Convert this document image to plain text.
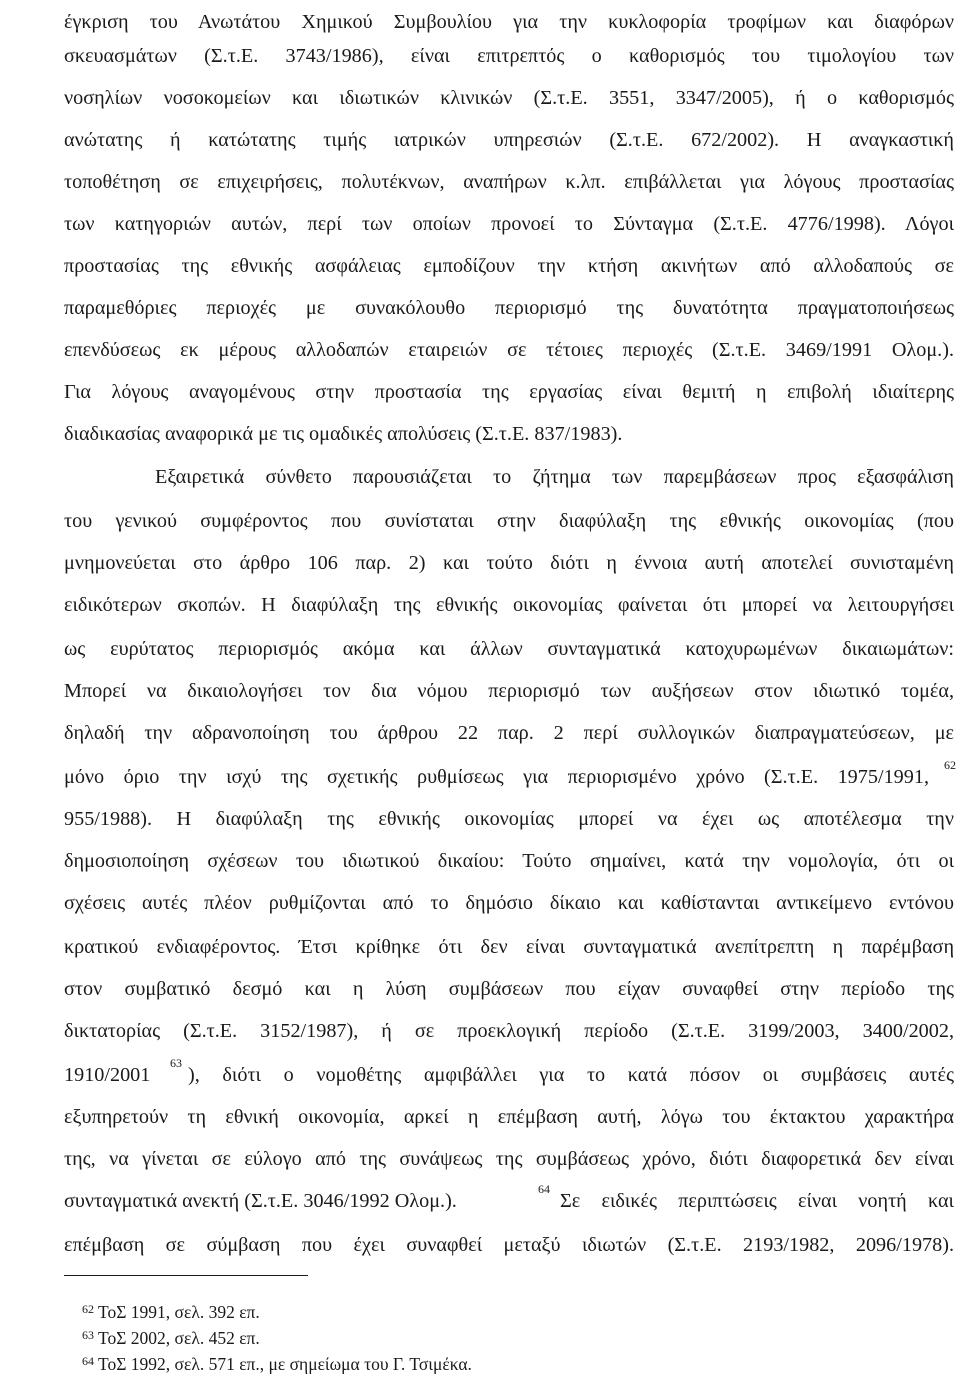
έγκριση του Ανωτάτου Χημικού Συμβουλίου για την κυκλοφορία τροφίμων και διαφόρων
σκευασμάτων (Σ.τ.Ε. 3743/1986), είναι επιτρεπτός ο καθορισμός του τιμολογίου των
νοσηλίων νοσοκομείων και ιδιωτικών κλινικών (Σ.τ.Ε. 3551, 3347/2005), ή ο καθορισμός
ανώτατης ή κατώτατης τιμής ιατρικών υπηρεσιών (Σ.τ.Ε. 672/2002). Η αναγκαστική
τοποθέτηση σε επιχειρήσεις, πολυτέκνων, αναπήρων κ.λπ. επιβάλλεται για λόγους προστασίας
των κατηγοριών αυτών, περί των οποίων προνοεί το Σύνταγμα (Σ.τ.Ε. 4776/1998). Λόγοι
προστασίας της εθνικής ασφάλειας εμποδίζουν την κτήση ακινήτων από αλλοδαπούς σε
παραμεθόριες περιοχές με συνακόλουθο περιορισμό της δυνατότητα πραγματοποιήσεως
επενδύσεως εκ μέρους αλλοδαπών εταιρειών σε τέτοιες περιοχές (Σ.τ.Ε. 3469/1991 Ολομ.).
Για λόγους αναγομένους στην προστασία της εργασίας είναι θεμιτή η επιβολή ιδιαίτερης
διαδικασίας αναφορικά με τις ομαδικές απολύσεις (Σ.τ.Ε. 837/1983).
Εξαιρετικά σύνθετο παρουσιάζεται το ζήτημα των παρεμβάσεων προς εξασφάλιση
του γενικού συμφέροντος που συνίσταται στην διαφύλαξη της εθνικής οικονομίας (που
μνημονεύεται στο άρθρο 106 παρ. 2) και τούτο διότι η έννοια αυτή αποτελεί συνισταμένη
ειδικότερων σκοπών. Η διαφύλαξη της εθνικής οικονομίας φαίνεται ότι μπορεί να λειτουργήσει
ως ευρύτατος περιορισμός ακόμα και άλλων συνταγματικά κατοχυρωμένων δικαιωμάτων:
Μπορεί να δικαιολογήσει τον δια νόμου περιορισμό των αυξήσεων στον ιδιωτικό τομέα,
δηλαδή την αδρανοποίηση του άρθρου 22 παρ. 2 περί συλλογικών διαπραγματεύσεων, με
μόνο όριο την ισχύ της σχετικής ρυθμίσεως για περιορισμένο χρόνο (Σ.τ.Ε. 1975/1991,
62
955/1988). Η διαφύλαξη της εθνικής οικονομίας μπορεί να έχει ως αποτέλεσμα την
δημοσιοποίηση σχέσεων του ιδιωτικού δικαίου: Τούτο σημαίνει, κατά την νομολογία, ότι οι
σχέσεις αυτές πλέον ρυθμίζονται από το δημόσιο δίκαιο και καθίστανται αντικείμενο εντόνου
κρατικού ενδιαφέροντος. Έτσι κρίθηκε ότι δεν είναι συνταγματικά ανεπίτρεπτη η παρέμβαση
στον συμβατικό δεσμό και η λύση συμβάσεων που είχαν συναφθεί στην περίοδο της
δικτατορίας (Σ.τ.Ε. 3152/1987), ή σε προεκλογική περίοδο (Σ.τ.Ε. 3199/2003, 3400/2002,
1910/2001
63
), διότι ο νομοθέτης αμφιβάλλει για το κατά πόσον οι συμβάσεις αυτές
εξυπηρετούν τη εθνική οικονομία, αρκεί η επέμβαση αυτή, λόγω του έκτακτου χαρακτήρα
της, να γίνεται σε εύλογο από της συνάψεως της συμβάσεως χρόνο, διότι διαφορετικά δεν είναι
συνταγματικά ανεκτή (Σ.τ.Ε. 3046/1992 Ολομ.).
64
Σε ειδικές περιπτώσεις είναι νοητή και
επέμβαση σε σύμβαση που έχει συναφθεί μεταξύ ιδιωτών (Σ.τ.Ε. 2193/1982, 2096/1978).
$^{62}$ ΤοΣ 1991, σελ. 392 επ.
$^{63}$ ΤοΣ 2002, σελ. 452 επ.
$^{64}$ ΤοΣ 1992, σελ. 571 επ., με σημείωμα του Γ. Τσιμέκα.
